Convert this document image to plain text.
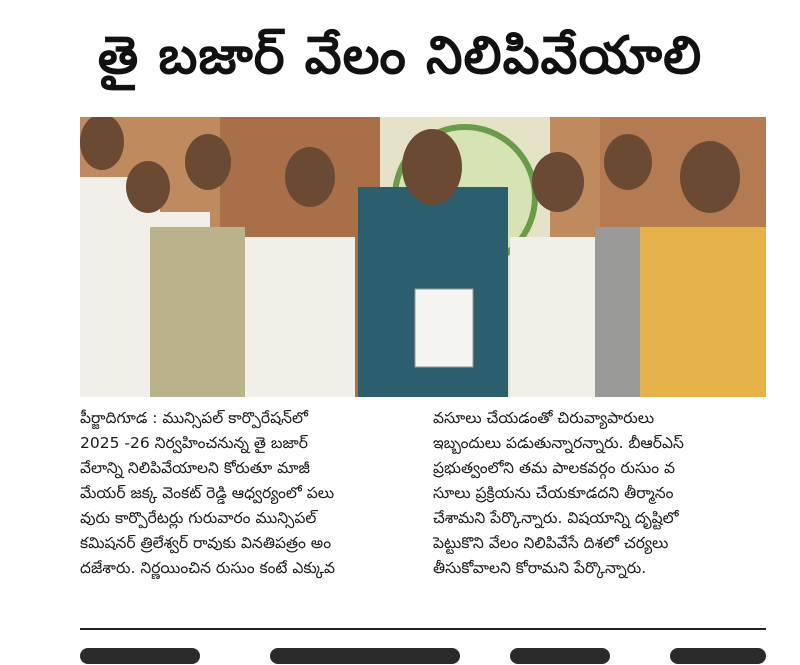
తై బజార్ వేలం నిలిపివేయాలి
పీర్జాదిగూడ : మున్సిపల్ కార్పొరేషన్‌లో
2025 -26 నిర్వహించనున్న తై బజార్
వేలాన్ని నిలిపివేయాలని కోరుతూ మాజీ
మేయర్ జక్క వెంకట్ రెడ్డి ఆధ్వర్యంలో పలు
వురు కార్పొరేటర్లు గురువారం మున్సిపల్
కమిషనర్ త్రిలేశ్వర్ రావుకు వినతిపత్రం అం
దజేశారు. నిర్ణయించిన రుసుం కంటే ఎక్కువ
వసూలు చేయడంతో చిరువ్యాపారులు
ఇబ్బందులు పడుతున్నారన్నారు. బీఆర్ఎస్
ప్రభుత్వంలోని తమ పాలకవర్గం రుసుం వ
సూలు ప్రక్రియను చేయకూడదని తీర్మానం
చేశామని పేర్కొన్నారు. విషయాన్ని దృష్టిలో
పెట్టుకొని వేలం నిలిపివేసే దిశలో చర్యలు
తీసుకోవాలని కోరామని పేర్కొన్నారు.
